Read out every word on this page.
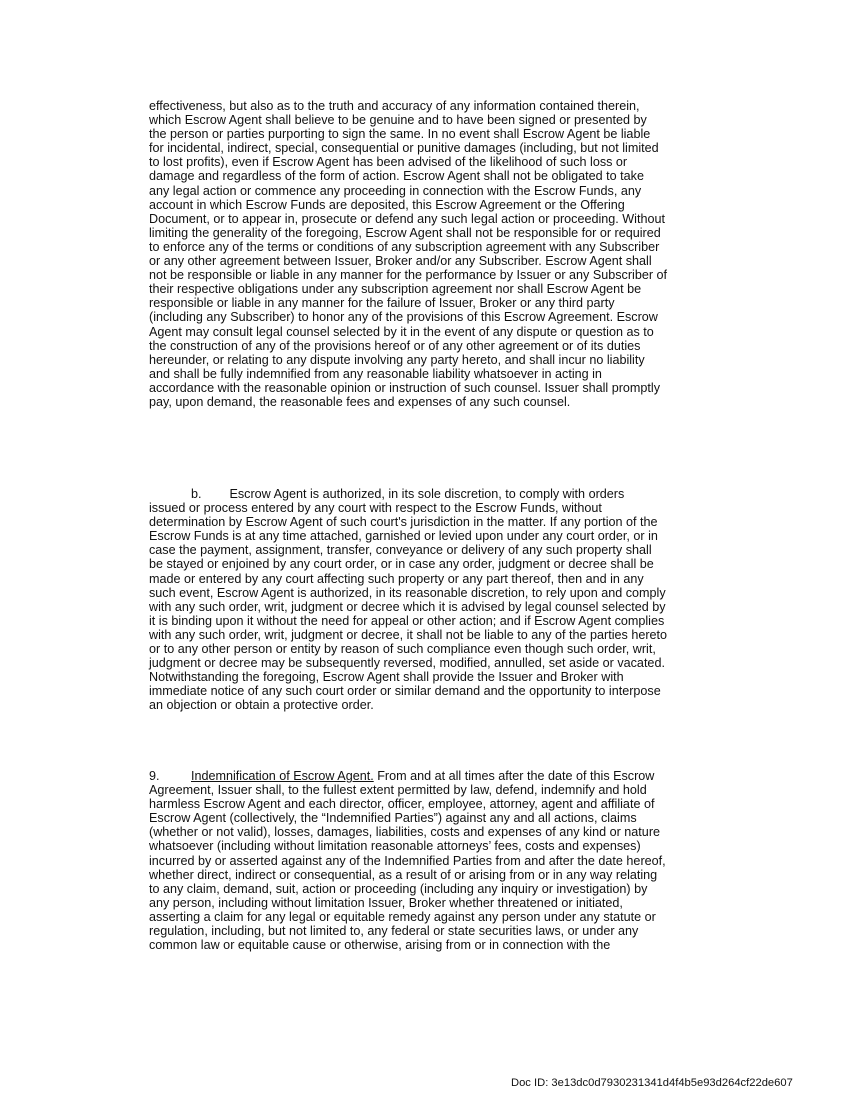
effectiveness, but also as to the truth and accuracy of any information contained therein,
which Escrow Agent shall believe to be genuine and to have been signed or presented by
the person or parties purporting to sign the same. In no event shall Escrow Agent be liable
for incidental, indirect, special, consequential or punitive damages (including, but not limited
to lost profits), even if Escrow Agent has been advised of the likelihood of such loss or
damage and regardless of the form of action. Escrow Agent shall not be obligated to take
any legal action or commence any proceeding in connection with the Escrow Funds, any
account in which Escrow Funds are deposited, this Escrow Agreement or the Offering
Document, or to appear in, prosecute or defend any such legal action or proceeding. Without
limiting the generality of the foregoing, Escrow Agent shall not be responsible for or required
to enforce any of the terms or conditions of any subscription agreement with any Subscriber
or any other agreement between Issuer, Broker and/or any Subscriber. Escrow Agent shall
not be responsible or liable in any manner for the performance by Issuer or any Subscriber of
their respective obligations under any subscription agreement nor shall Escrow Agent be
responsible or liable in any manner for the failure of Issuer, Broker or any third party
(including any Subscriber) to honor any of the provisions of this Escrow Agreement. Escrow
Agent may consult legal counsel selected by it in the event of any dispute or question as to
the construction of any of the provisions hereof or of any other agreement or of its duties
hereunder, or relating to any dispute involving any party hereto, and shall incur no liability
and shall be fully indemnified from any reasonable liability whatsoever in acting in
accordance with the reasonable opinion or instruction of such counsel. Issuer shall promptly
pay, upon demand, the reasonable fees and expenses of any such counsel.

b.        Escrow Agent is authorized, in its sole discretion, to comply with orders
issued or process entered by any court with respect to the Escrow Funds, without
determination by Escrow Agent of such court's jurisdiction in the matter. If any portion of the
Escrow Funds is at any time attached, garnished or levied upon under any court order, or in
case the payment, assignment, transfer, conveyance or delivery of any such property shall
be stayed or enjoined by any court order, or in case any order, judgment or decree shall be
made or entered by any court affecting such property or any part thereof, then and in any
such event, Escrow Agent is authorized, in its reasonable discretion, to rely upon and comply
with any such order, writ, judgment or decree which it is advised by legal counsel selected by
it is binding upon it without the need for appeal or other action; and if Escrow Agent complies
with any such order, writ, judgment or decree, it shall not be liable to any of the parties hereto
or to any other person or entity by reason of such compliance even though such order, writ,
judgment or decree may be subsequently reversed, modified, annulled, set aside or vacated.
Notwithstanding the foregoing, Escrow Agent shall provide the Issuer and Broker with
immediate notice of any such court order or similar demand and the opportunity to interpose
an objection or obtain a protective order.

9.         Indemnification of Escrow Agent. From and at all times after the date of this Escrow
Agreement, Issuer shall, to the fullest extent permitted by law, defend, indemnify and hold
harmless Escrow Agent and each director, officer, employee, attorney, agent and affiliate of
Escrow Agent (collectively, the “Indemnified Parties”) against any and all actions, claims
(whether or not valid), losses, damages, liabilities, costs and expenses of any kind or nature
whatsoever (including without limitation reasonable attorneys’ fees, costs and expenses)
incurred by or asserted against any of the Indemnified Parties from and after the date hereof,
whether direct, indirect or consequential, as a result of or arising from or in any way relating
to any claim, demand, suit, action or proceeding (including any inquiry or investigation) by
any person, including without limitation Issuer, Broker whether threatened or initiated,
asserting a claim for any legal or equitable remedy against any person under any statute or
regulation, including, but not limited to, any federal or state securities laws, or under any
common law or equitable cause or otherwise, arising from or in connection with the

Doc ID: 3e13dc0d7930231341d4f4b5e93d264cf22de607
